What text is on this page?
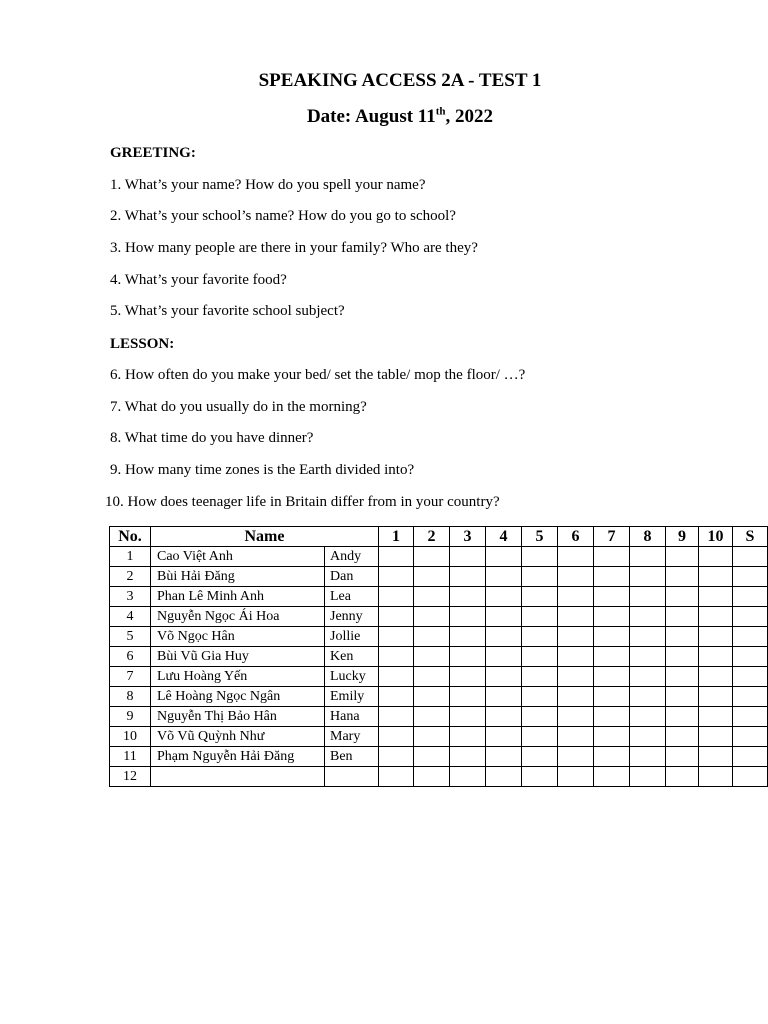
SPEAKING ACCESS 2A - TEST 1
Date: August 11th, 2022
GREETING:
1. What’s your name? How do you spell your name?
2. What’s your school’s name? How do you go to school?
3. How many people are there in your family? Who are they?
4. What’s your favorite food?
5. What’s your favorite school subject?
LESSON:
6. How often do you make your bed/ set the table/ mop the floor/ …?
7. What do you usually do in the morning?
8. What time do you have dinner?
9. How many time zones is the Earth divided into?
10. How does teenager life in Britain differ from in your country?
No.	Name		1	2	3	4	5	6	7	8	9	10	S
1	Cao Việt Anh	Andy											
2	Bùi Hải Đăng	Dan											
3	Phan Lê Minh Anh	Lea											
4	Nguyễn Ngọc Ái Hoa	Jenny											
5	Võ Ngọc Hân	Jollie											
6	Bùi Vũ Gia Huy	Ken											
7	Lưu Hoàng Yến	Lucky											
8	Lê Hoàng Ngọc Ngân	Emily											
9	Nguyễn Thị Bảo Hân	Hana											
10	Võ Vũ Quỳnh Như	Mary											
11	Phạm Nguyễn Hải Đăng	Ben											
12													
